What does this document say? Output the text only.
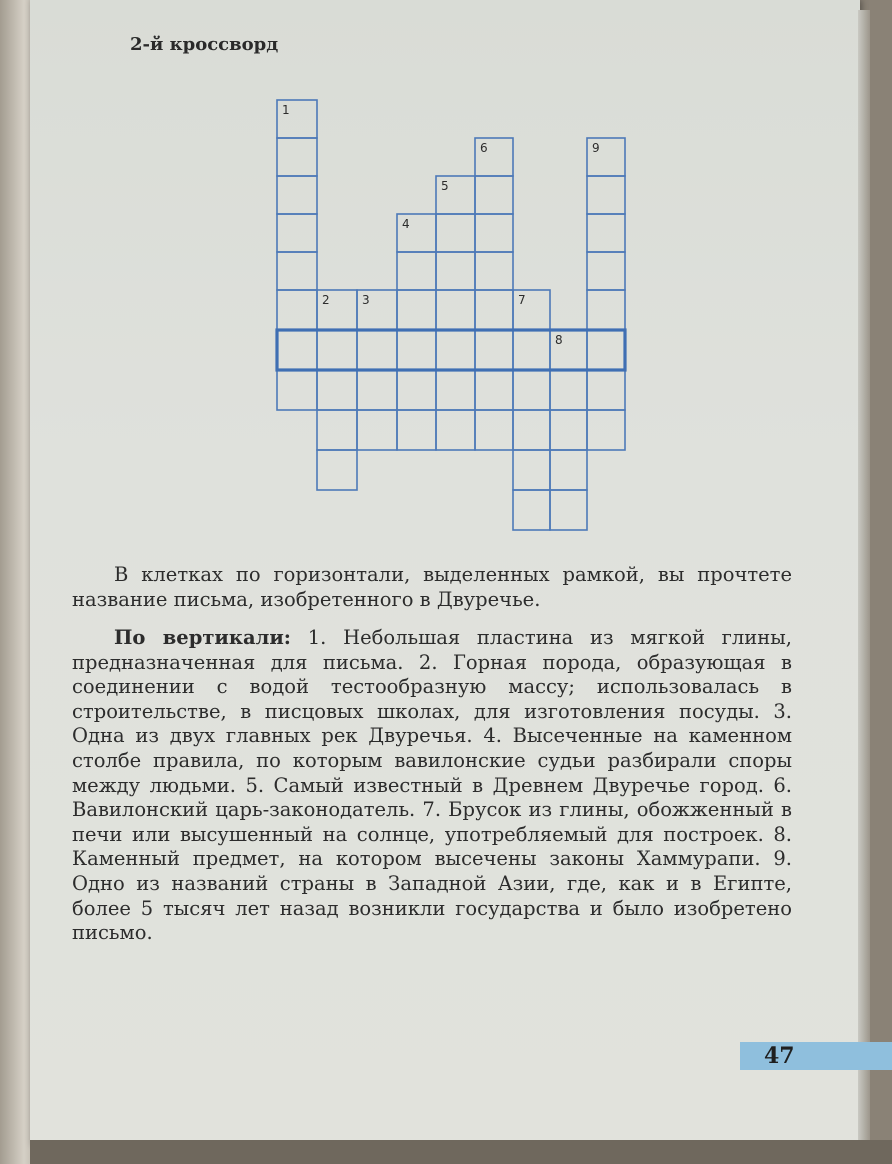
2-й кроссворд
1
2	3
4
5
6
7
8
9
В клетках по горизонтали, выделенных рамкой, вы прочтете название письма, изобретенного в Двуречье.
По вертикали: 1. Небольшая пластина из мягкой глины, предназначенная для письма. 2. Горная порода, образующая в соединении с водой тестообразную массу; использовалась в строительстве, в писцовых школах, для изготовления посуды. 3. Одна из двух главных рек Двуречья. 4. Высеченные на каменном столбе правила, по которым вавилонские судьи разбирали споры между людьми. 5. Самый известный в Древнем Двуречье город. 6. Вавилонский царь-законодатель. 7. Брусок из глины, обожженный в печи или высушенный на солнце, употребляемый для построек. 8. Каменный предмет, на котором высечены законы Хаммурапи. 9. Одно из названий страны в Западной Азии, где, как и в Египте, более 5 тысяч лет назад возникли государства и было изобретено письмо.
47
